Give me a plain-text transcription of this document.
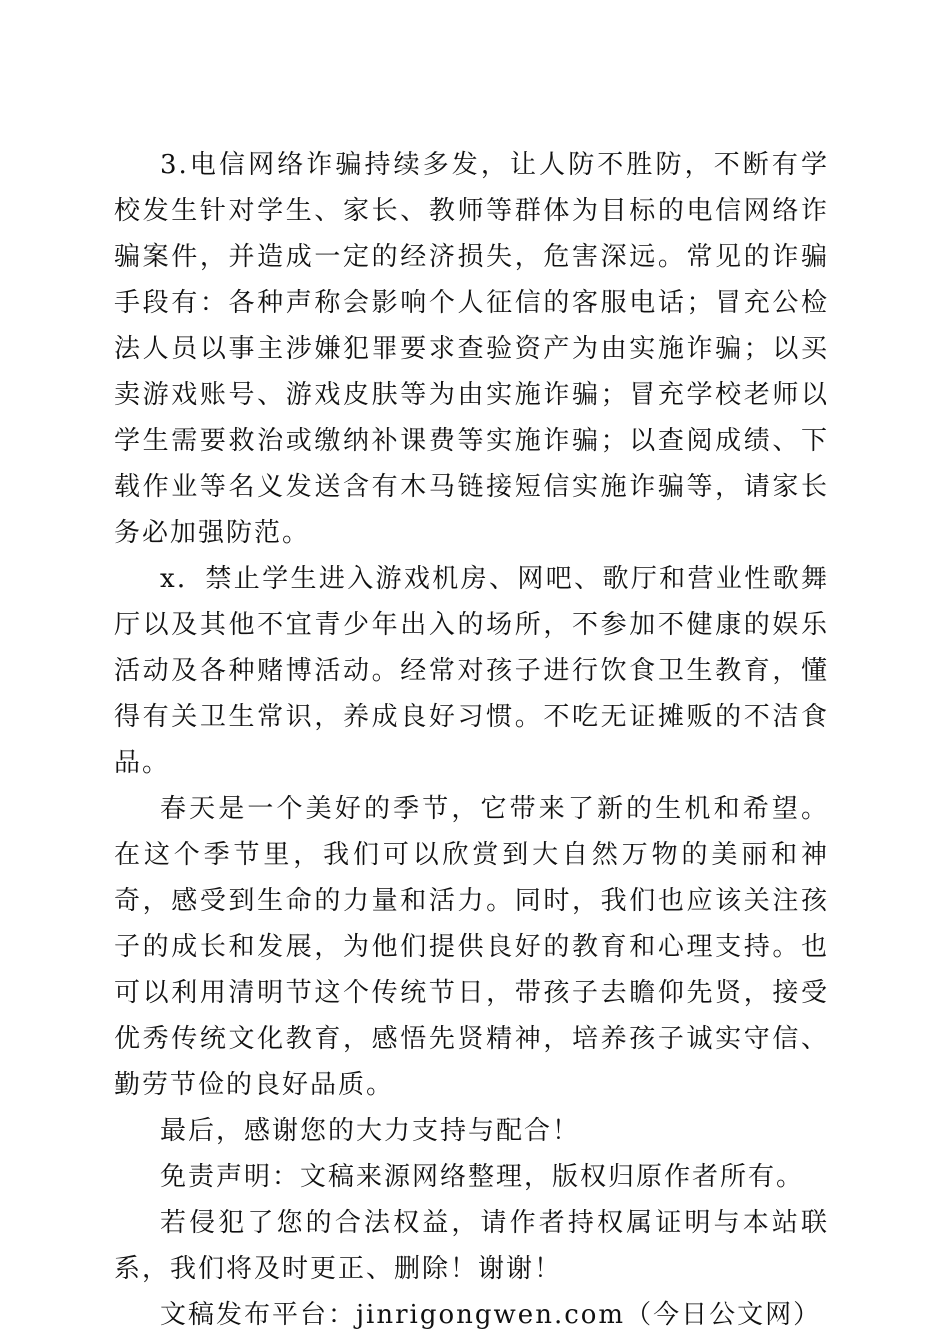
3.电信网络诈骗持续多发，让人防不胜防，不断有学校发生针对学生、家长、教师等群体为目标的电信网络诈骗案件，并造成一定的经济损失，危害深远。常见的诈骗手段有：各种声称会影响个人征信的客服电话；冒充公检法人员以事主涉嫌犯罪要求查验资产为由实施诈骗；以买卖游戏账号、游戏皮肤等为由实施诈骗；冒充学校老师以学生需要救治或缴纳补课费等实施诈骗；以查阅成绩、下载作业等名义发送含有木马链接短信实施诈骗等，请家长务必加强防范。

x．禁止学生进入游戏机房、网吧、歌厅和营业性歌舞厅以及其他不宜青少年出入的场所，不参加不健康的娱乐活动及各种赌博活动。经常对孩子进行饮食卫生教育，懂得有关卫生常识，养成良好习惯。不吃无证摊贩的不洁食品。

春天是一个美好的季节，它带来了新的生机和希望。在这个季节里，我们可以欣赏到大自然万物的美丽和神奇，感受到生命的力量和活力。同时，我们也应该关注孩子的成长和发展，为他们提供良好的教育和心理支持。也可以利用清明节这个传统节日，带孩子去瞻仰先贤，接受优秀传统文化教育，感悟先贤精神，培养孩子诚实守信、勤劳节俭的良好品质。

最后，感谢您的大力支持与配合！

免责声明：文稿来源网络整理，版权归原作者所有。

若侵犯了您的合法权益，请作者持权属证明与本站联系，我们将及时更正、删除！谢谢！

文稿发布平台：jinrigongwen.com（今日公文网）
